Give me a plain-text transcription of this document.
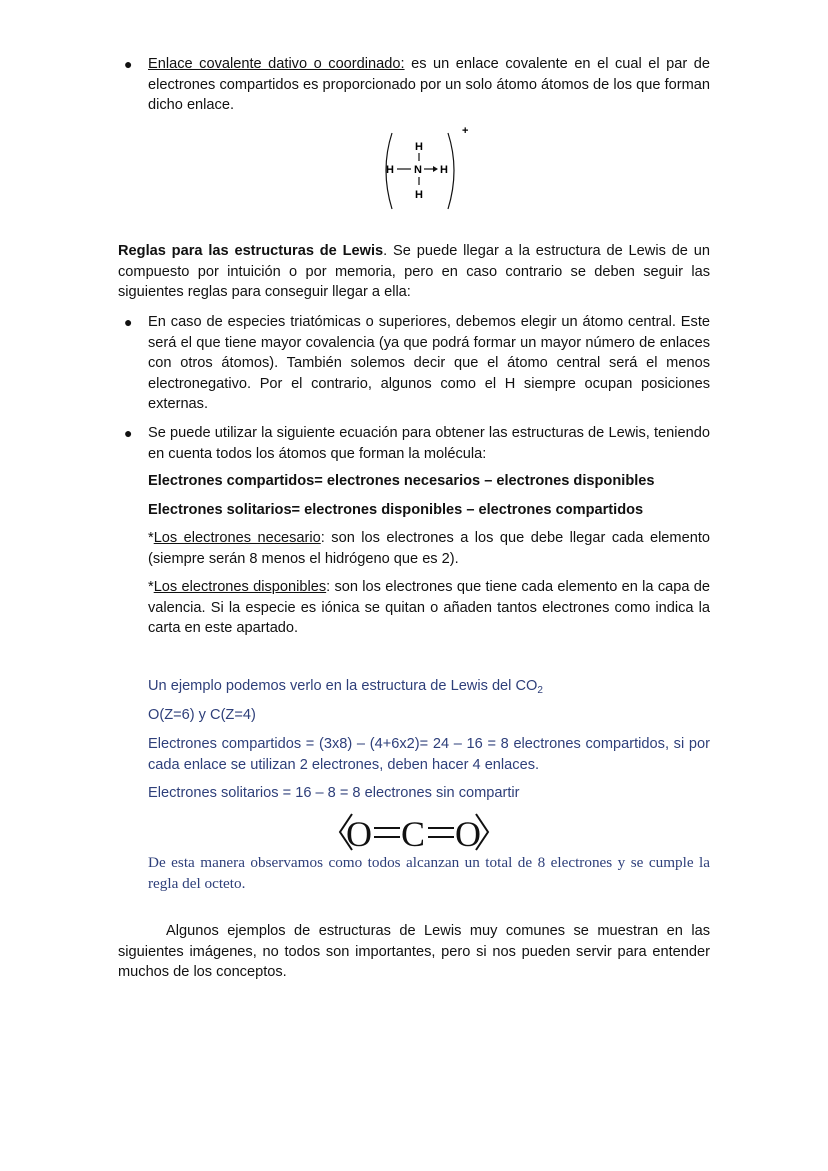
● Enlace covalente dativo o coordinado: es un enlace covalente en el cual el par de electrones compartidos es proporcionado por un solo átomo átomos de los que forman dicho enlace.
+
H
H N H
H
Reglas para las estructuras de Lewis. Se puede llegar a la estructura de Lewis de un compuesto por intuición o por memoria, pero en caso contrario se deben seguir las siguientes reglas para conseguir llegar a ella:
● En caso de especies triatómicas o superiores, debemos elegir un átomo central. Este será el que tiene mayor covalencia (ya que podrá formar un mayor número de enlaces con otros átomos). También solemos decir que el átomo central será el menos electronegativo. Por el contrario, algunos como el H siempre ocupan posiciones externas.
● Se puede utilizar la siguiente ecuación para obtener las estructuras de Lewis, teniendo en cuenta todos los átomos que forman la molécula:
Electrones compartidos= electrones necesarios – electrones disponibles
Electrones solitarios= electrones disponibles – electrones compartidos
*Los electrones necesario: son los electrones a los que debe llegar cada elemento (siempre serán 8 menos el hidrógeno que es 2).
*Los electrones disponibles: son los electrones que tiene cada elemento en la capa de valencia. Si la especie es iónica se quitan o añaden tantos electrones como indica la carta en este apartado.
Un ejemplo podemos verlo en la estructura de Lewis del $CO_2$
O(Z=6) y C(Z=4)
Electrones compartidos = (3x8) – (4+6x2)= 24 – 16 = 8 electrones compartidos, si por cada enlace se utilizan 2 electrones, deben hacer 4 enlaces.
Electrones solitarios = 16 – 8 = 8 electrones sin compartir
O C O
De esta manera observamos como todos alcanzan un total de 8 electrones y se cumple la regla del octeto.
Algunos ejemplos de estructuras de Lewis muy comunes se muestran en las siguientes imágenes, no todos son importantes, pero si nos pueden servir para entender muchos de los conceptos.
